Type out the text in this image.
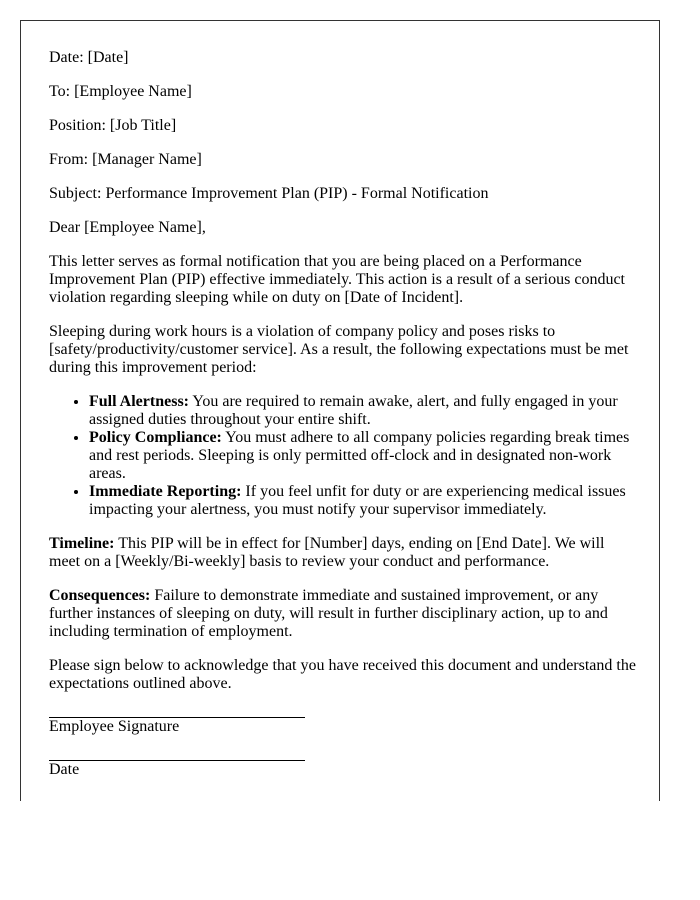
Date: [Date]
To: [Employee Name]
Position: [Job Title]
From: [Manager Name]
Subject: Performance Improvement Plan (PIP) - Formal Notification
Dear [Employee Name],

This letter serves as formal notification that you are being placed on a Performance Improvement Plan (PIP) effective immediately. This action is a result of a serious conduct violation regarding sleeping while on duty on [Date of Incident].

Sleeping during work hours is a violation of company policy and poses risks to [safety/productivity/customer service]. As a result, the following expectations must be met during this improvement period:

• Full Alertness: You are required to remain awake, alert, and fully engaged in your assigned duties throughout your entire shift.
• Policy Compliance: You must adhere to all company policies regarding break times and rest periods. Sleeping is only permitted off-clock and in designated non-work areas.
• Immediate Reporting: If you feel unfit for duty or are experiencing medical issues impacting your alertness, you must notify your supervisor immediately.

Timeline: This PIP will be in effect for [Number] days, ending on [End Date]. We will meet on a [Weekly/Bi-weekly] basis to review your conduct and performance.

Consequences: Failure to demonstrate immediate and sustained improvement, or any further instances of sleeping on duty, will result in further disciplinary action, up to and including termination of employment.

Please sign below to acknowledge that you have received this document and understand the expectations outlined above.

Employee Signature
Date
